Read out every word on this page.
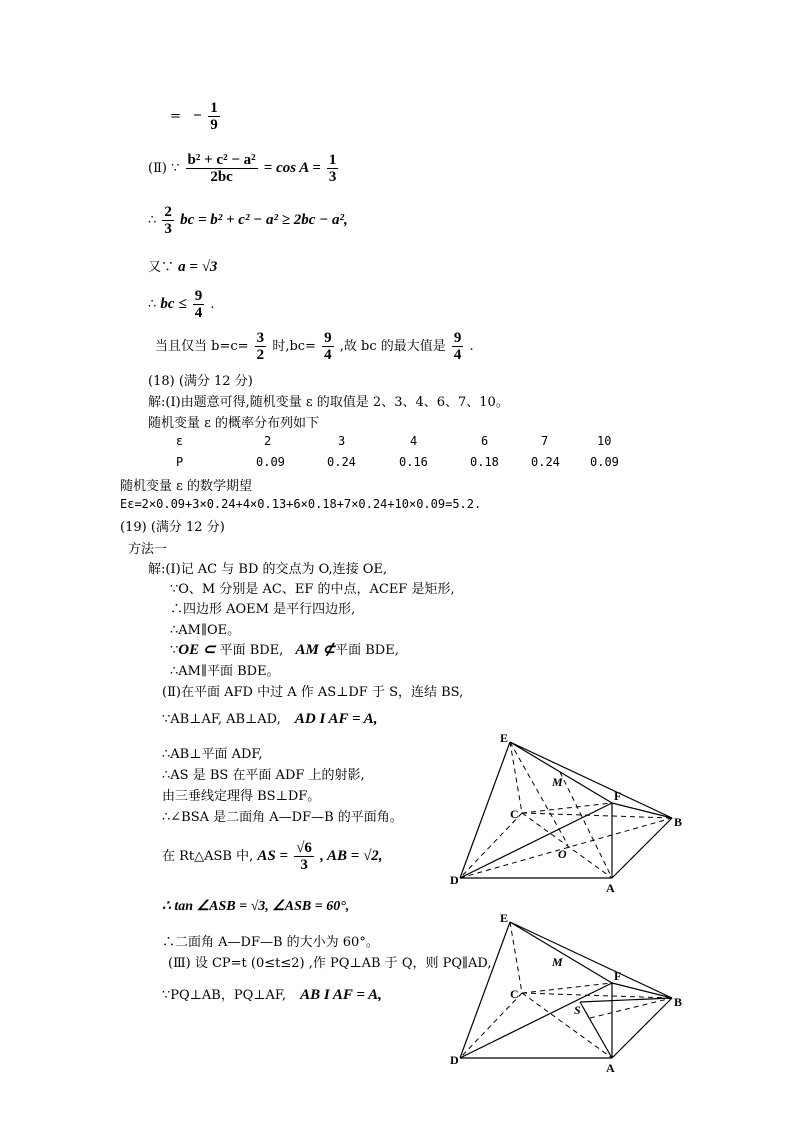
= − $\frac{1}{9}$
(Ⅱ) ∵ $\frac{\text{b² + c² − a²}}{2bc} = \cos A = \frac{1}{3}$
∴ $\frac{2}{3}$ bc = b² + c² − a² ≥ 2bc − a²,
又∵ a = √3
∴ bc ≤ $\frac{9}{4}$ .
当且仅当 $b=c= \frac{3}{2}$ 时$,bc= \frac{9}{4}$ ,故 bc 的最大值是 $\frac{9}{4}$ .
(18) (满分 12 分)
解:(Ⅰ)由题意可得,随机变量 ε 的取值是 2、3、4、6、7、10。
随机变量 ε 的概率分布列如下
ε	2	3	4	6	7	10
P	0.09	0.24	0.16	0.18	0.24	0.09
随机变量 ε 的数学期望
Eε=2×0.09+3×0.24+4×0.13+6×0.18+7×0.24+10×0.09=5.2.
(19) (满分 12 分)
方法一
解:(Ⅰ)记 AC 与 BD 的交点为 O,连接 OE,
∵O、M 分别是 AC、EF 的中点，ACEF 是矩形,
∴四边形 AOEM 是平行四边形,
∴AM∥OE。
∵OE ⊂ 平面 BDE, AM ⊄平面 BDE,
∴AM∥平面 BDE。
(Ⅱ)在平面 AFD 中过 A 作 AS⊥DF 于 S，连结 BS,
∵AB⊥AF, AB⊥AD, AD I AF = A,
∴AB⊥平面 ADF,
∴AS 是 BS 在平面 ADF 上的射影,
由三垂线定理得 BS⊥DF。
∴∠BSA 是二面角 A—DF—B 的平面角。
在 Rt△ASB 中, AS = $\frac{√6}{3}$ , AB = √2,
∴ tan ∠ASB = √3, ∠ASB = 60°,
∴二面角 A—DF—B 的大小为 60°。
(Ⅲ) 设 CP=t (0≤t≤2) ,作 PQ⊥AB 于 Q，则 PQ∥AD,
∵PQ⊥AB，PQ⊥AF, AB I AF = A,
E
M
F
C
B
O
D
A
E
M
F
C
B
S
D
A
